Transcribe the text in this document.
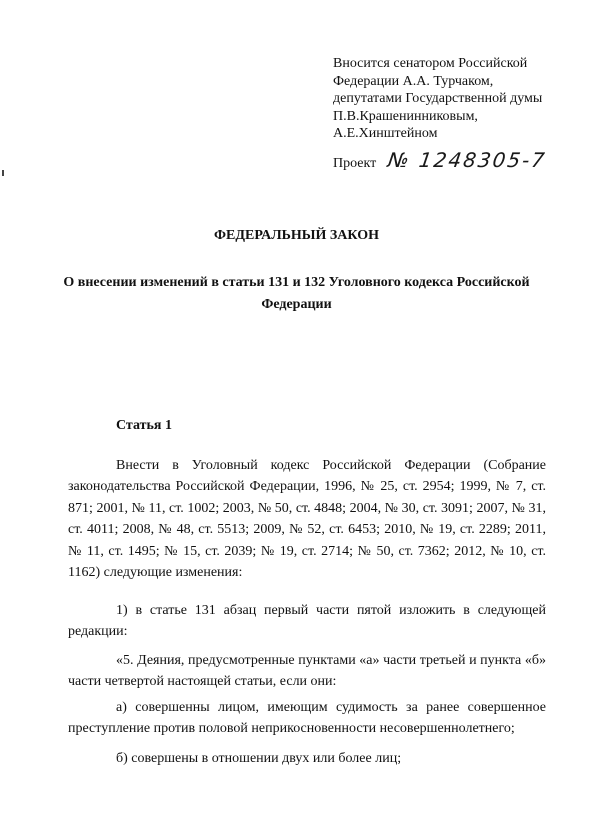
Вносится сенатором Российской
Федерации А.А. Турчаком,
депутатами Государственной думы
П.В.Крашенинниковым,
А.Е.Хинштейном
Проект № 1248305-7
ФЕДЕРАЛЬНЫЙ ЗАКОН
О внесении изменений в статьи 131 и 132 Уголовного кодекса Российской Федерации
Статья 1
Внести в Уголовный кодекс Российской Федерации (Собрание законодательства Российской Федерации, 1996, № 25, ст. 2954; 1999, № 7, ст. 871; 2001, № 11, ст. 1002; 2003, № 50, ст. 4848; 2004, № 30, ст. 3091; 2007, № 31, ст. 4011; 2008, № 48, ст. 5513; 2009, № 52, ст. 6453; 2010, № 19, ст. 2289; 2011, № 11, ст. 1495; № 15, ст. 2039; № 19, ст. 2714; № 50, ст. 7362; 2012, № 10, ст. 1162) следующие изменения:
1) в статье 131 абзац первый части пятой изложить в следующей редакции:
«5. Деяния, предусмотренные пунктами «а» части третьей и пункта «б» части четвертой настоящей статьи, если они:
а) совершенны лицом, имеющим судимость за ранее совершенное преступление против половой неприкосновенности несовершеннолетнего;
б) совершены в отношении двух или более лиц;
